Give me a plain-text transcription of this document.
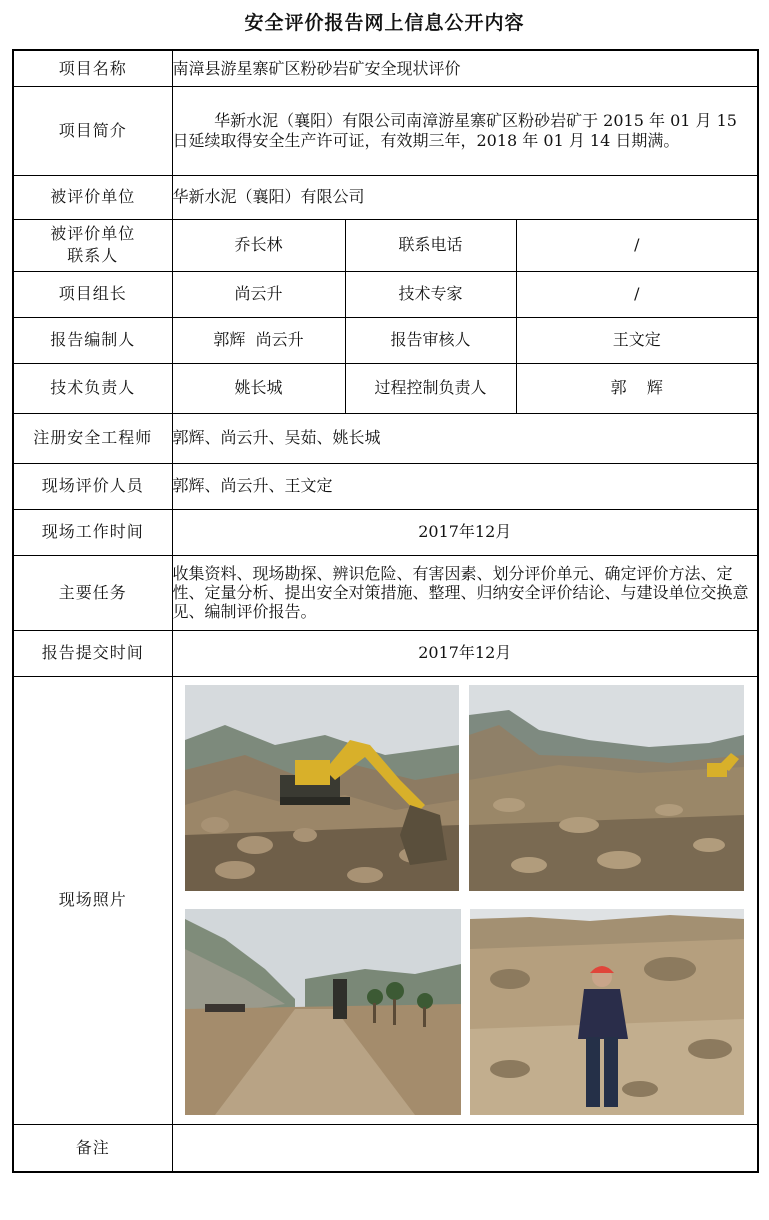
安全评价报告网上信息公开内容
项目名称	南漳县游星寨矿区粉砂岩矿安全现状评价		
项目简介	华新水泥（襄阳）有限公司南漳游星寨矿区粉砂岩矿于 2015 年 01 月 15 日延续取得安全生产许可证，有效期三年，2018 年 01 月 14 日期满。		
被评价单位	华新水泥（襄阳）有限公司		
被评价单位
联系人	乔长林	联系电话	/
项目组长	尚云升	技术专家	/
报告编制人	郭辉  尚云升	报告审核人	王文定
技术负责人	姚长城	过程控制负责人	郭    辉
注册安全工程师	郭辉、尚云升、吴茹、姚长城		
现场评价人员	郭辉、尚云升、王文定		
现场工作时间	2017年12月		
主要任务	收集资料、现场勘探、辨识危险、有害因素、划分评价单元、确定评价方法、定性、定量分析、提出安全对策措施、整理、归纳安全评价结论、与建设单位交换意见、编制评价报告。		
报告提交时间	2017年12月		
现场照片	

备注			
